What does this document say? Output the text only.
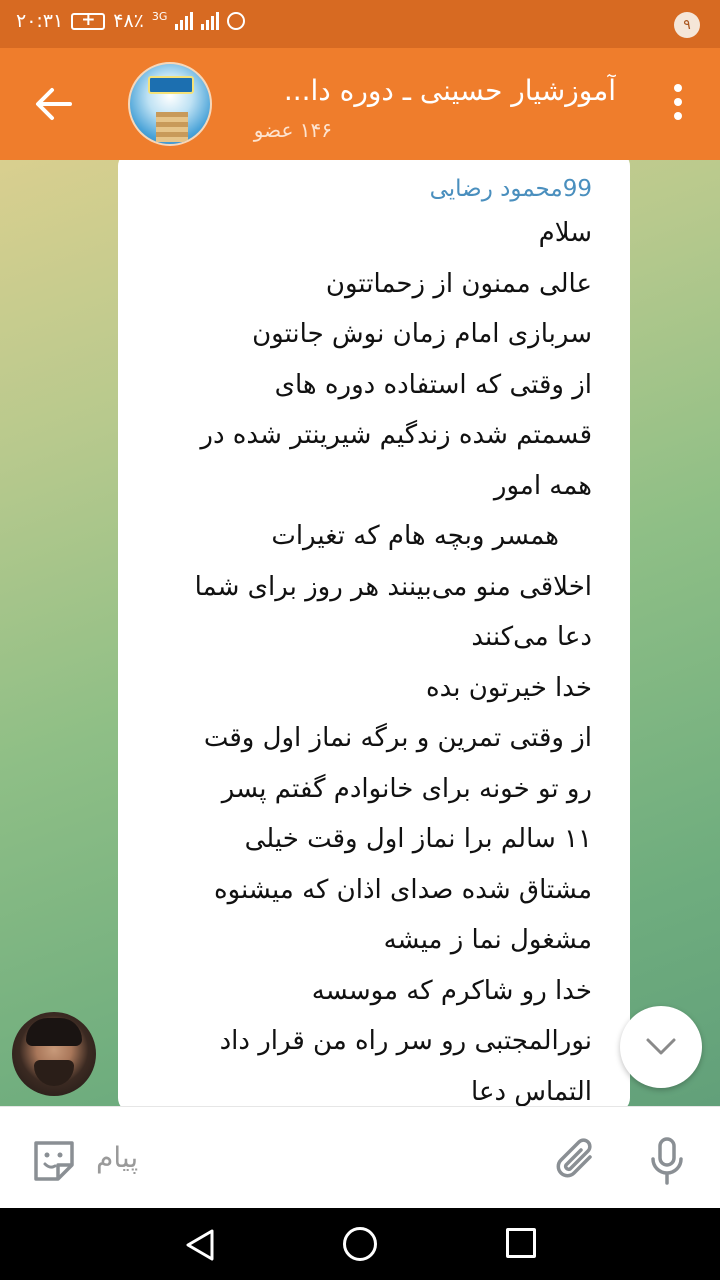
۲۰:۳۱
+	۴۸٪ 3G
۹
آموزشیار حسینی ـ دوره دا...
۱۴۶ عضو
99محمود رضایی
سلام
عالی ممنون از زحماتتون
سربازی امام زمان نوش جانتون
از وقتی که استفاده دوره های
قسمتم شده زندگیم شیرینتر شده در
همه امور
همسر وبچه هام که تغیرات
اخلاقی منو می‌بینند هر روز برای شما
دعا می‌کنند
خدا خیرتون بده
از وقتی تمرین و برگه نماز اول وقت
رو تو خونه برای خانوادم گفتم پسر
۱۱ سالم برا نماز اول وقت خیلی
مشتاق شده صدای اذان که میشنوه
مشغول نما ز میشه
خدا رو شاکرم که موسسه
نورالمجتبی رو سر راه من قرار داد
التماس دعا
پیام
